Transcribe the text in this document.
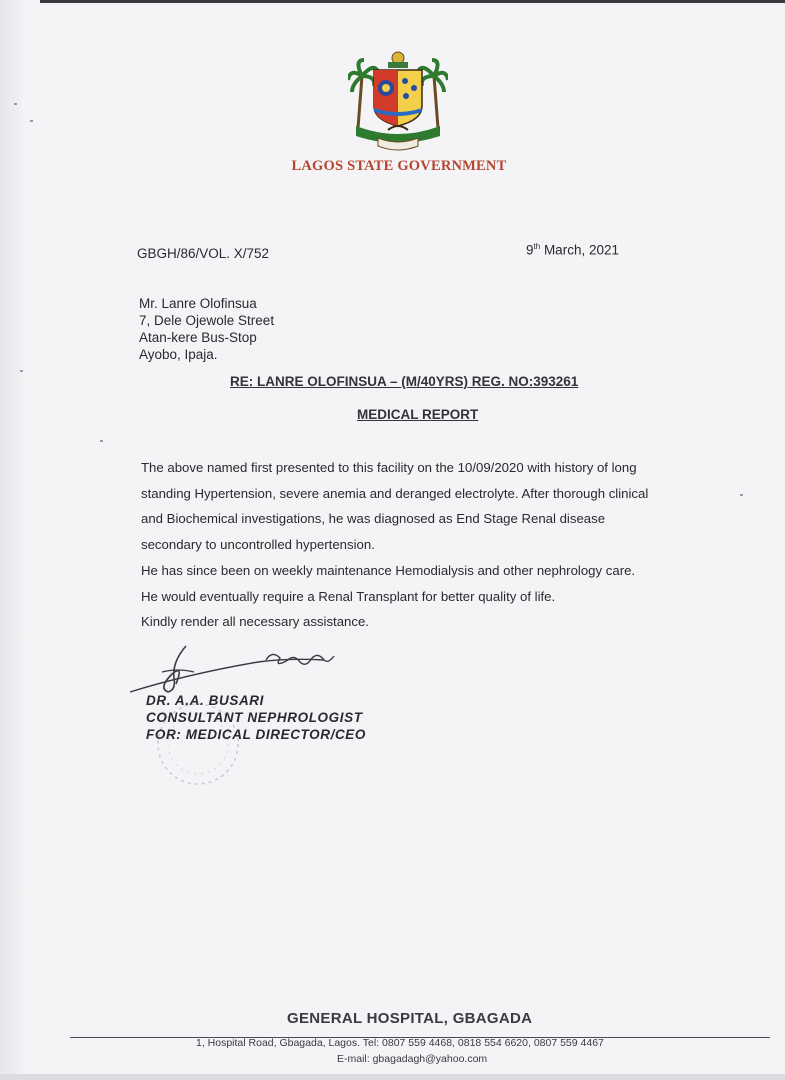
LAGOS STATE GOVERNMENT
GBGH/86/VOL. X/752	9th March, 2021
Mr. Lanre Olofinsua
7, Dele Ojewole Street
Atan-kere Bus-Stop
Ayobo, Ipaja.
RE: LANRE OLOFINSUA – (M/40YRS) REG. NO:393261
MEDICAL REPORT
The above named first presented to this facility on the 10/09/2020 with history of long
standing Hypertension, severe anemia and deranged electrolyte. After thorough clinical
and Biochemical investigations, he was diagnosed as End Stage Renal disease
secondary to uncontrolled hypertension.
He has since been on weekly maintenance Hemodialysis and other nephrology care.
He would eventually require a Renal Transplant for better quality of life.
Kindly render all necessary assistance.
DR. A.A. BUSARI
CONSULTANT NEPHROLOGIST
FOR: MEDICAL DIRECTOR/CEO
GENERAL HOSPITAL, GBAGADA
1, Hospital Road, Gbagada, Lagos. Tel: 0807 559 4468, 0818 554 6620, 0807 559 4467
E-mail: gbagadagh@yahoo.com
